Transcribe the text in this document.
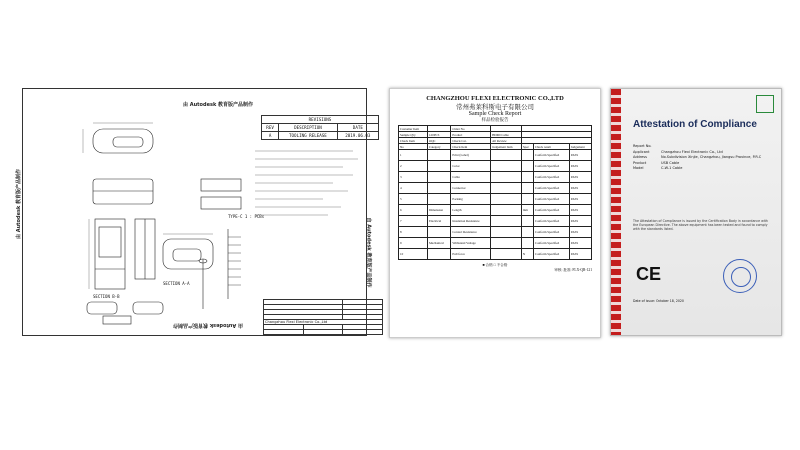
由 Autodesk 教育版产品制作
由 Autodesk 教育版产品制作
由 Autodesk 教育版产品制作
由 Autodesk 教育版产品制作
REVISIONS		
REV	DESCRIPTION	DATE
A	TOOLING RELEASE	2019.06.03
TYPE-C 1 : PCBs
SECTION B-B
SECTION A-A

Changzhou Flexi Electronic Co.,Ltd		

CHANGZHOU FLEXI ELECTRONIC CO.,LTD
常州弗莱科斯电子有限公司
Sample Check Report
样品检验报告
Customer Item		Order No				
Sample Q'ty	120PCS	Product	HDMI Cable			
Check Item	OQC	Check Cat.	All Review			
No	Category	Check Item	Judgement Item	Spec	Check result	Judgement
1		Print (Label)			Conform Specified	PASS
2		Color			Conform Specified	PASS
3		Cable			Conform Specified	PASS
4		Connector			Conform Specified	PASS
5		Packing			Conform Specified	PASS
6	Dimension	Length		mm	Conform Specified	PASS
7	Electrical	Insulation Resistance			Conform Specified	PASS
8		Contact Resistance			Conform Specified	PASS
9	Mechanical	Withstand Voltage			Conform Specified	PASS
10		Pull force		N	Conform Specified	PASS
■ 合格 □ 不合格
审核: 批准: FLX-QR-121
Attestation of Compliance
Report No.
Applicant	Changzhou Flexi Electronic Co., Ltd
Address	No.Subdivision Xinjie, Changzhou, Jiangsu Province, P.R.C
Product	USB Cable
Model	C-W-1 Cable
The Attestation of Compliance is issued by the Certification Body in accordance with the European Directive. The above equipment has been tested and found to comply with the standards listed.
CE
Date of issue: October 18, 2020
